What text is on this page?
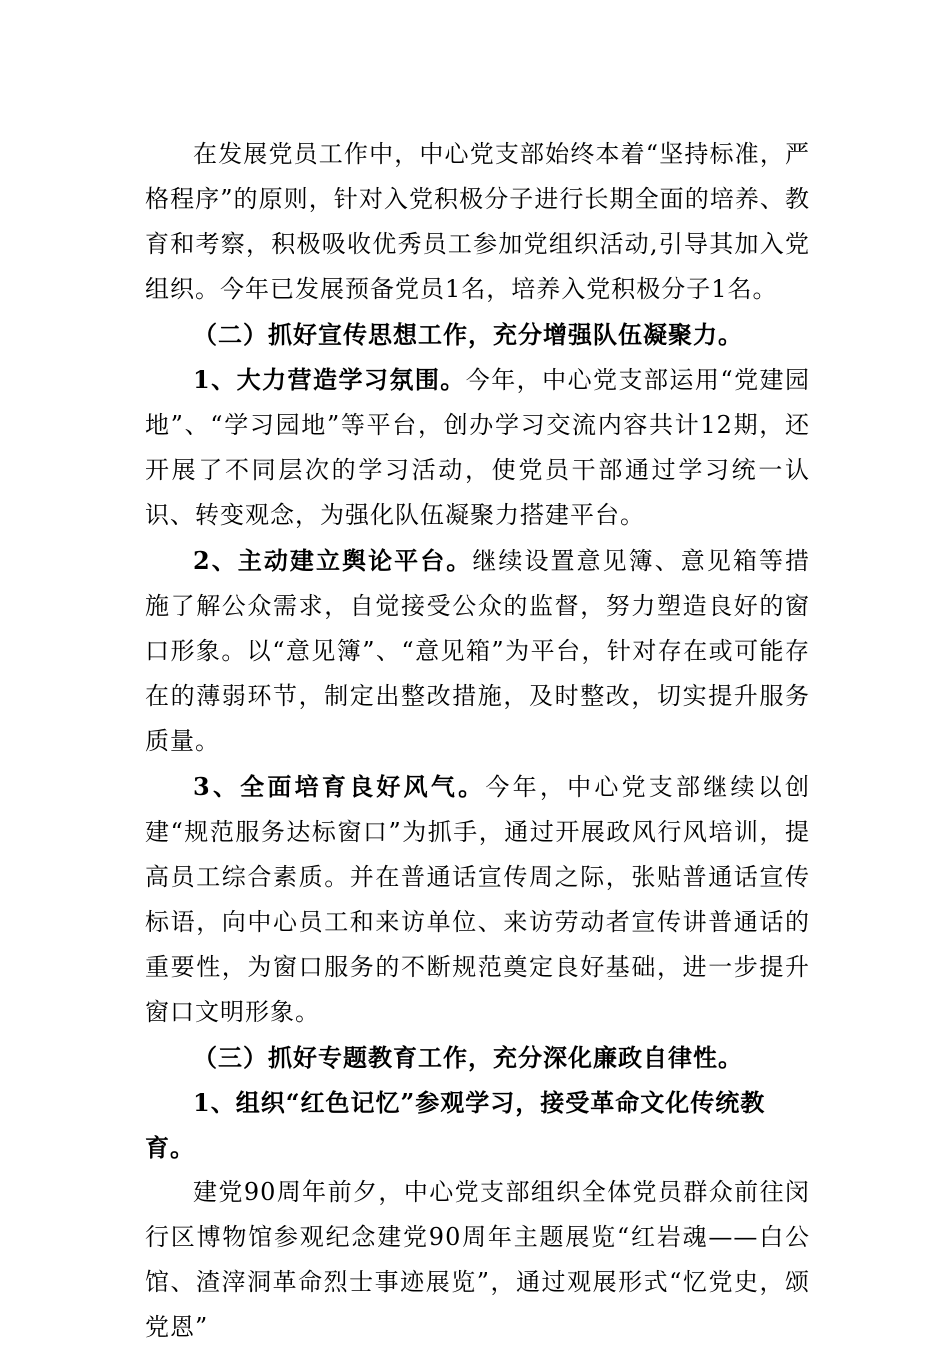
在发展党员工作中，中心党支部始终本着“坚持标准，严格程序”的原则，针对入党积极分子进行长期全面的培养、教育和考察，积极吸收优秀员工参加党组织活动,引导其加入党组织。今年已发展预备党员1名，培养入党积极分子1名。

（二）抓好宣传思想工作，充分增强队伍凝聚力。

1、大力营造学习氛围。今年，中心党支部运用“党建园地”、“学习园地”等平台，创办学习交流内容共计12期，还开展了不同层次的学习活动，使党员干部通过学习统一认识、转变观念，为强化队伍凝聚力搭建平台。

2、主动建立舆论平台。继续设置意见簿、意见箱等措施了解公众需求，自觉接受公众的监督，努力塑造良好的窗口形象。以“意见簿”、“意见箱”为平台，针对存在或可能存在的薄弱环节，制定出整改措施，及时整改，切实提升服务质量。

3、全面培育良好风气。今年，中心党支部继续以创建“规范服务达标窗口”为抓手，通过开展政风行风培训，提高员工综合素质。并在普通话宣传周之际，张贴普通话宣传标语，向中心员工和来访单位、来访劳动者宣传讲普通话的重要性，为窗口服务的不断规范奠定良好基础，进一步提升窗口文明形象。

（三）抓好专题教育工作，充分深化廉政自律性。

1、组织“红色记忆”参观学习，接受革命文化传统教育。

建党90周年前夕，中心党支部组织全体党员群众前往闵行区博物馆参观纪念建党90周年主题展览“红岩魂——白公馆、渣滓洞革命烈士事迹展览”，通过观展形式“忆党史，颂党恩”
